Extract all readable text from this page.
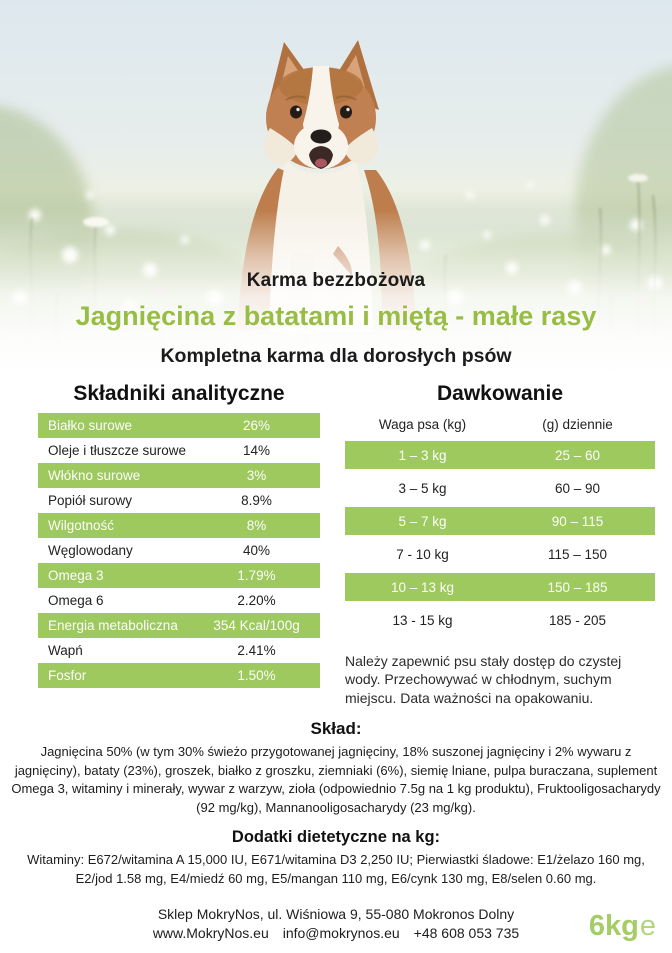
Karma bezzbożowa
Jagnięcina z batatami i miętą - małe rasy
Kompletna karma dla dorosłych psów
Składniki analityczne
Białko surowe	26%
Oleje i tłuszcze surowe	14%
Włókno surowe	3%
Popiół surowy	8.9%
Wilgotność	8%
Węglowodany	40%
Omega 3	1.79%
Omega 6	2.20%
Energia metaboliczna	354 Kcal/100g
Wapń	2.41%
Fosfor	1.50%
Dawkowanie
Waga psa (kg)	(g) dziennie
1 – 3 kg	25 – 60
3 – 5 kg	60 – 90
5 – 7 kg	90 – 115
7 - 10 kg	115 – 150
10 – 13 kg	150 – 185
13 - 15 kg	185 - 205
Należy zapewnić psu stały dostęp do czystej wody. Przechowywać w chłodnym, suchym miejscu. Data ważności na opakowaniu.
Skład:
Jagnięcina 50% (w tym 30% świeżo przygotowanej jagnięciny, 18% suszonej jagnięciny i 2% wywaru z jagnięciny), bataty (23%), groszek, białko z groszku, ziemniaki (6%), siemię lniane, pulpa buraczana, suplement Omega 3, witaminy i minerały, wywar z warzyw, zioła (odpowiednio 7.5g na 1 kg produktu), Fruktooligosacharydy (92 mg/kg), Mannanooligosacharydy (23 mg/kg).
Dodatki dietetyczne na kg:
Witaminy: E672/witamina A 15,000 IU, E671/witamina D3 2,250 IU; Pierwiastki śladowe: E1/żelazo 160 mg, E2/jod 1.58 mg, E4/miedź 60 mg, E5/mangan 110 mg, E6/cynk 130 mg, E8/selen 0.60 mg.
Sklep MokryNos, ul. Wiśniowa 9, 55-080 Mokronos Dolny
www.MokryNos.eu info@mokrynos.eu +48 608 053 735	6kge
